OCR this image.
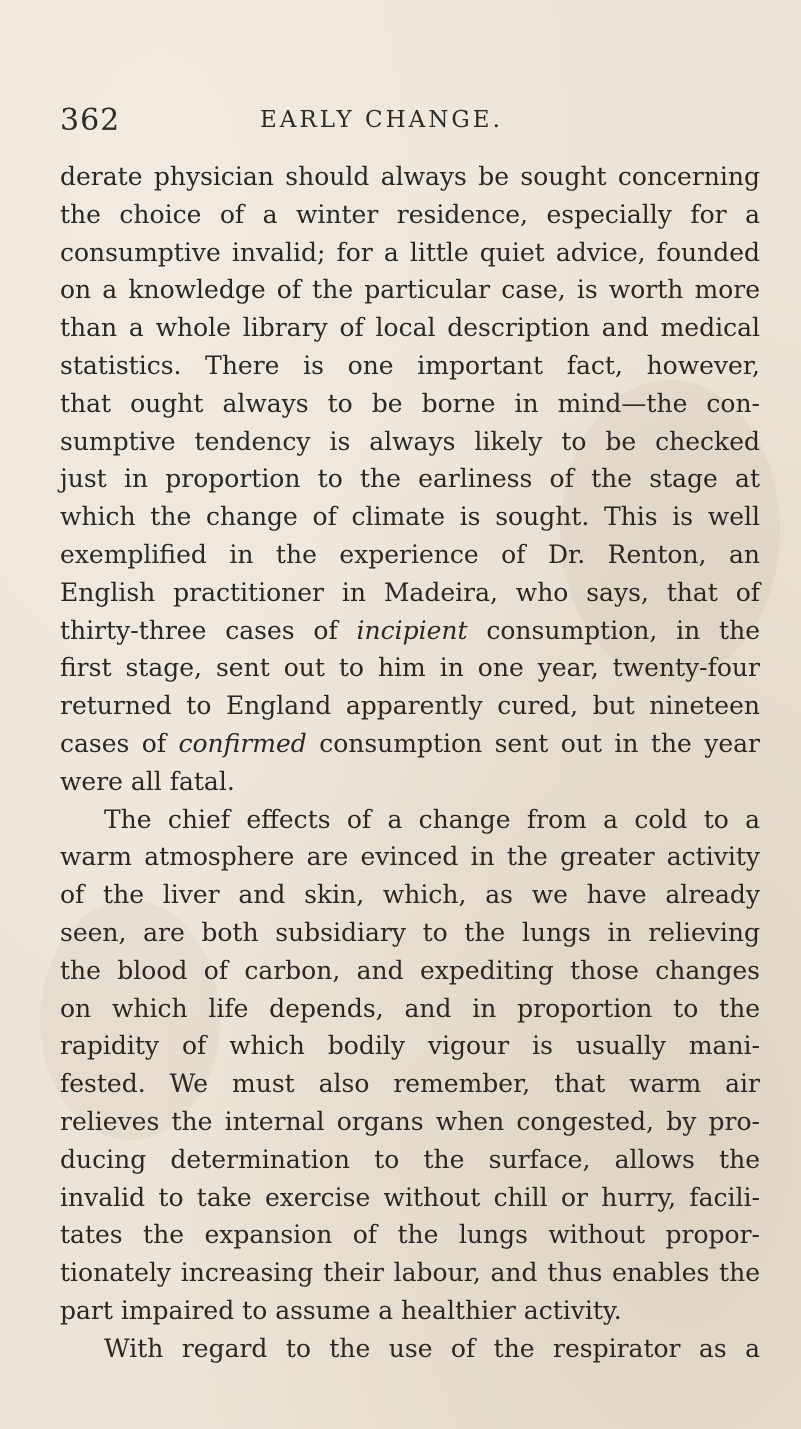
362	EARLY CHANGE.
derate physician should always be sought concerning
the choice of a winter residence, especially for a
consumptive invalid; for a little quiet advice, founded
on a knowledge of the particular case, is worth more
than a whole library of local description and medical
statistics. There is one important fact, however,
that ought always to be borne in mind—the con-
sumptive tendency is always likely to be checked
just in proportion to the earliness of the stage at
which the change of climate is sought. This is well
exemplified in the experience of Dr. Renton, an
English practitioner in Madeira, who says, that of
thirty-three cases of incipient consumption, in the
first stage, sent out to him in one year, twenty-four
returned to England apparently cured, but nineteen
cases of confirmed consumption sent out in the year
were all fatal.
The chief effects of a change from a cold to a
warm atmosphere are evinced in the greater activity
of the liver and skin, which, as we have already
seen, are both subsidiary to the lungs in relieving
the blood of carbon, and expediting those changes
on which life depends, and in proportion to the
rapidity of which bodily vigour is usually mani-
fested. We must also remember, that warm air
relieves the internal organs when congested, by pro-
ducing determination to the surface, allows the
invalid to take exercise without chill or hurry, facili-
tates the expansion of the lungs without propor-
tionately increasing their labour, and thus enables the
part impaired to assume a healthier activity.
With regard to the use of the respirator as a
